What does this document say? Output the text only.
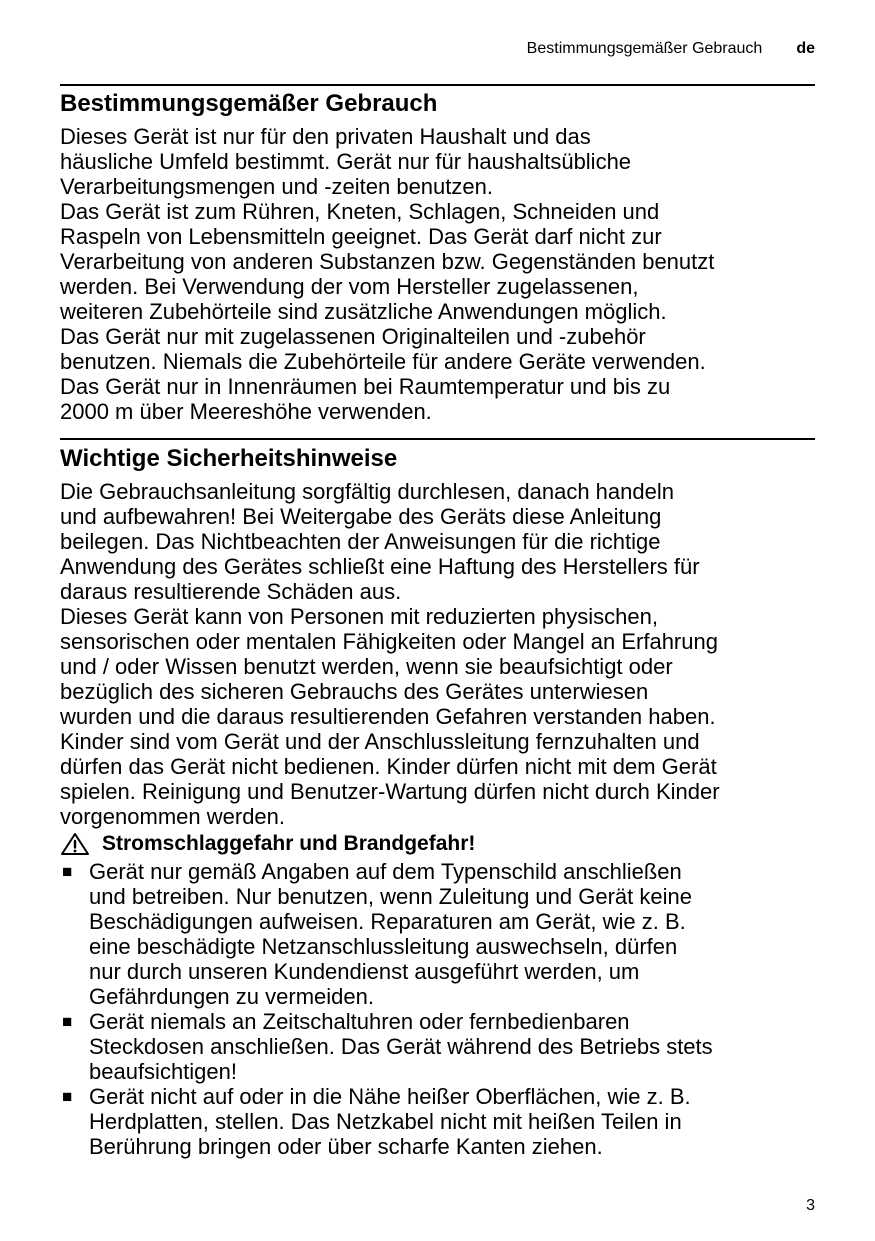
Bestimmungsgemäßer Gebrauch de
Bestimmungsgemäßer Gebrauch

Dieses Gerät ist nur für den privaten Haushalt und das
häusliche Umfeld bestimmt. Gerät nur für haushaltsübliche
Verarbeitungsmengen und -zeiten benutzen.
Das Gerät ist zum Rühren, Kneten, Schlagen, Schneiden und
Raspeln von Lebensmitteln geeignet. Das Gerät darf nicht zur
Verarbeitung von anderen Substanzen bzw. Gegenständen benutzt
werden. Bei Verwendung der vom Hersteller zugelassenen,
weiteren Zubehörteile sind zusätzliche Anwendungen möglich.
Das Gerät nur mit zugelassenen Originalteilen und -zubehör
benutzen. Niemals die Zubehörteile für andere Geräte verwenden.
Das Gerät nur in Innenräumen bei Raumtemperatur und bis zu
2000 m über Meereshöhe verwenden.

Wichtige Sicherheitshinweise

Die Gebrauchsanleitung sorgfältig durchlesen, danach handeln
und aufbewahren! Bei Weitergabe des Geräts diese Anleitung
beilegen. Das Nichtbeachten der Anweisungen für die richtige
Anwendung des Gerätes schließt eine Haftung des Herstellers für
daraus resultierende Schäden aus.
Dieses Gerät kann von Personen mit reduzierten physischen,
sensorischen oder mentalen Fähigkeiten oder Mangel an Erfahrung
und / oder Wissen benutzt werden, wenn sie beaufsichtigt oder
bezüglich des sicheren Gebrauchs des Gerätes unterwiesen
wurden und die daraus resultierenden Gefahren verstanden haben.
Kinder sind vom Gerät und der Anschlussleitung fernzuhalten und
dürfen das Gerät nicht bedienen. Kinder dürfen nicht mit dem Gerät
spielen. Reinigung und Benutzer-Wartung dürfen nicht durch Kinder
vorgenommen werden.

Stromschlaggefahr und Brandgefahr!
■ Gerät nur gemäß Angaben auf dem Typenschild anschließen
und betreiben. Nur benutzen, wenn Zuleitung und Gerät keine
Beschädigungen aufweisen. Reparaturen am Gerät, wie z. B.
eine beschädigte Netzanschlussleitung auswechseln, dürfen
nur durch unseren Kundendienst ausgeführt werden, um
Gefährdungen zu vermeiden.
■ Gerät niemals an Zeitschaltuhren oder fernbedienbaren
Steckdosen anschließen. Das Gerät während des Betriebs stets
beaufsichtigen!
■ Gerät nicht auf oder in die Nähe heißer Oberflächen, wie z. B.
Herdplatten, stellen. Das Netzkabel nicht mit heißen Teilen in
Berührung bringen oder über scharfe Kanten ziehen.
3
